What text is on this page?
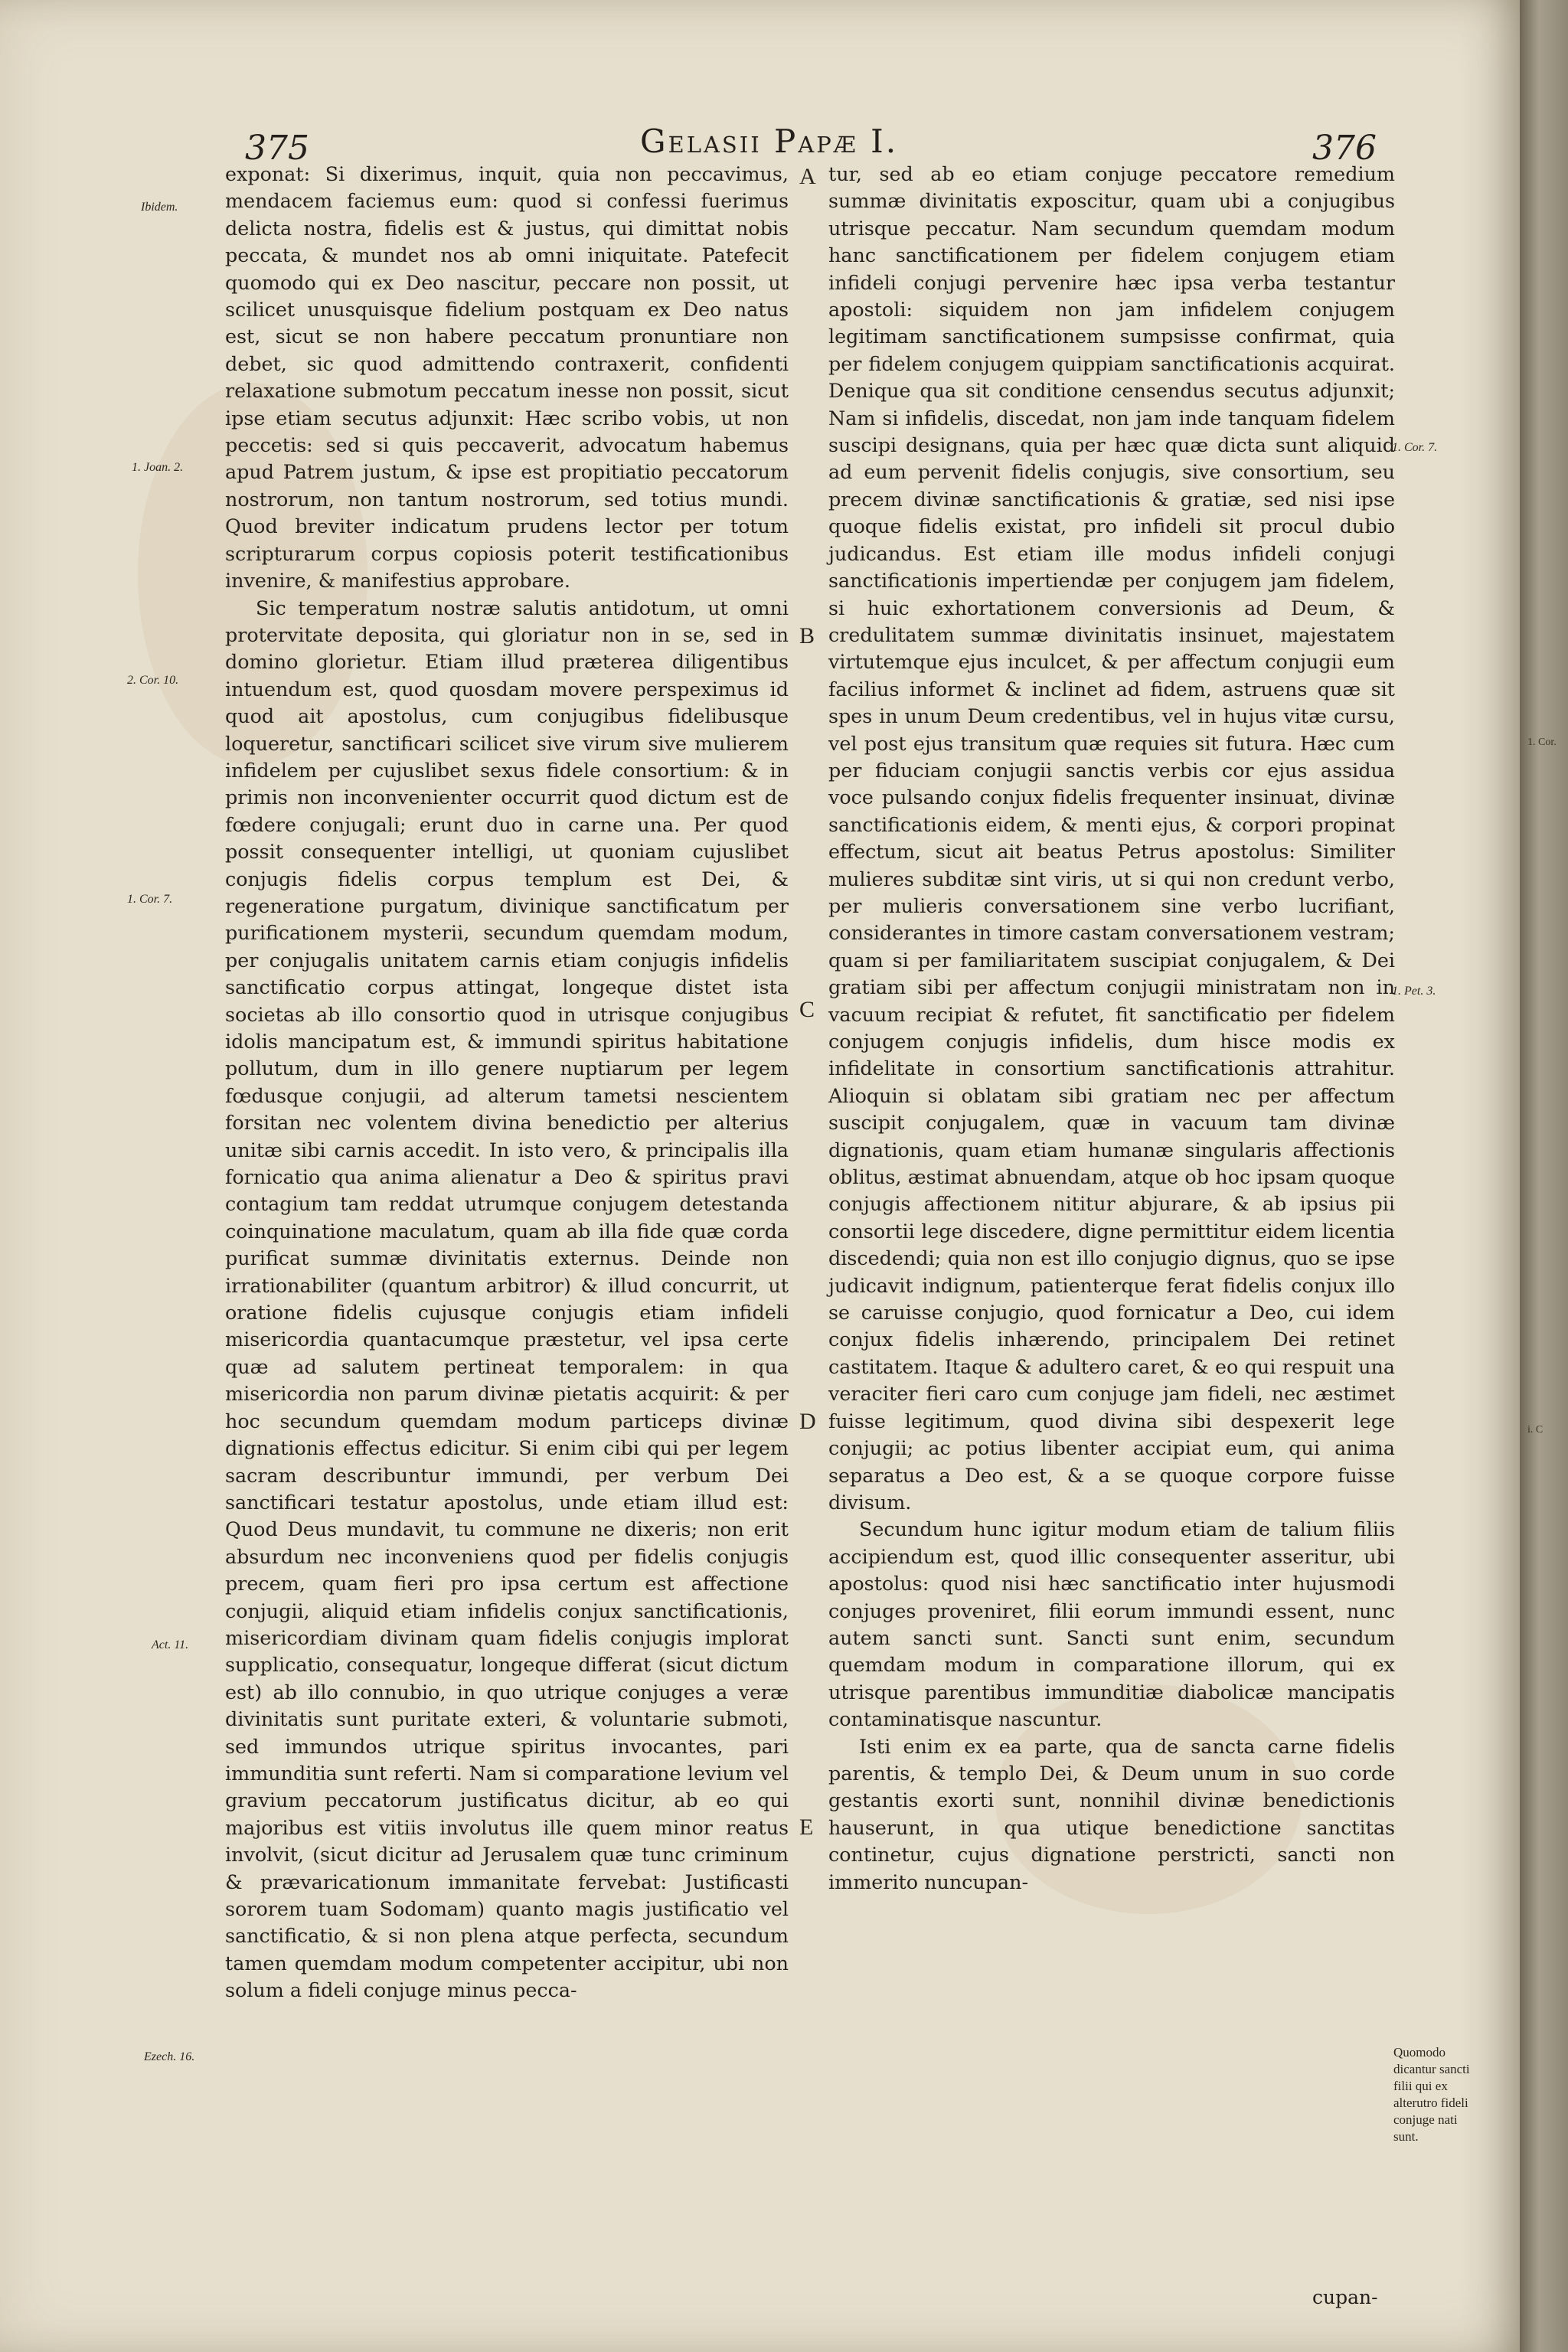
375	Gelasii Papæ I.	376
Ibidem.
1. Joan. 2.
2. Cor. 10.
1. Cor. 7.
Act. 11.
Ezech. 16.
A
B
C
D
E

exponat: Si dixerimus, inquit, quia non peccavimus, mendacem faciemus eum: quod si confessi fuerimus delicta nostra, fidelis est & justus, qui dimittat nobis peccata, & mundet nos ab omni iniquitate. Patefecit quomodo qui ex Deo nascitur, peccare non possit, ut scilicet unusquisque fidelium postquam ex Deo natus est, sicut se non habere peccatum pronuntiare non debet, sic quod admittendo contraxerit, confidenti relaxatione submotum peccatum inesse non possit, sicut ipse etiam secutus adjunxit: Hæc scribo vobis, ut non peccetis: sed si quis peccaverit, advocatum habemus apud Patrem justum, & ipse est propitiatio peccatorum nostrorum, non tantum nostrorum, sed totius mundi. Quod breviter indicatum prudens lector per totum scripturarum corpus copiosis poterit testificationibus invenire, & manifestius approbare.

Sic temperatum nostræ salutis antidotum, ut omni protervitate deposita, qui gloriatur non in se, sed in domino glorietur. Etiam illud præterea diligentibus intuendum est, quod quosdam movere perspeximus id quod ait apostolus, cum conjugibus fidelibusque loqueretur, sanctificari scilicet sive virum sive mulierem infidelem per cujuslibet sexus fidele consortium: & in primis non inconvenienter occurrit quod dictum est de fœdere conjugali; erunt duo in carne una. Per quod possit consequenter intelligi, ut quoniam cujuslibet conjugis fidelis corpus templum est Dei, & regeneratione purgatum, divinique sanctificatum per purificationem mysterii, secundum quemdam modum, per conjugalis unitatem carnis etiam conjugis infidelis sanctificatio corpus attingat, longeque distet ista societas ab illo consortio quod in utrisque conjugibus idolis mancipatum est, & immundi spiritus habitatione pollutum, dum in illo genere nuptiarum per legem fœdusque conjugii, ad alterum tametsi nescientem forsitan nec volentem divina benedictio per alterius unitæ sibi carnis accedit. In isto vero, & principalis illa fornicatio qua anima alienatur a Deo & spiritus pravi contagium tam reddat utrumque conjugem detestanda coinquinatione maculatum, quam ab illa fide quæ corda purificat summæ divinitatis externus. Deinde non irrationabiliter (quantum arbitror) & illud concurrit, ut oratione fidelis cujusque conjugis etiam infideli misericordia quantacumque præstetur, vel ipsa certe quæ ad salutem pertineat temporalem: in qua misericordia non parum divinæ pietatis acquirit: & per hoc secundum quemdam modum particeps divinæ dignationis effectus edicitur. Si enim cibi qui per legem sacram describuntur immundi, per verbum Dei sanctificari testatur apostolus, unde etiam illud est: Quod Deus mundavit, tu commune ne dixeris; non erit absurdum nec inconveniens quod per fidelis conjugis precem, quam fieri pro ipsa certum est affectione conjugii, aliquid etiam infidelis conjux sanctificationis, misericordiam divinam quam fidelis conjugis implorat supplicatio, consequatur, longeque differat (sicut dictum est) ab illo connubio, in quo utrique conjuges a veræ divinitatis sunt puritate exteri, & voluntarie submoti, sed immundos utrique spiritus invocantes, pari immunditia sunt referti. Nam si comparatione levium vel gravium peccatorum justificatus dicitur, ab eo qui majoribus est vitiis involutus ille quem minor reatus involvit, (sicut dicitur ad Jerusalem quæ tunc criminum & prævaricationum immanitate fervebat: Justificasti sororem tuam Sodomam) quanto magis justificatio vel sanctificatio, & si non plena atque perfecta, secundum tamen quemdam modum competenter accipitur, ubi non solum a fideli conjuge minus pecca-

tur, sed ab eo etiam conjuge peccatore remedium summæ divinitatis exposcitur, quam ubi a conjugibus utrisque peccatur. Nam secundum quemdam modum hanc sanctificationem per fidelem conjugem etiam infideli conjugi pervenire hæc ipsa verba testantur apostoli: siquidem non jam infidelem conjugem legitimam sanctificationem sumpsisse confirmat, quia per fidelem conjugem quippiam sanctificationis acquirat. Denique qua sit conditione censendus secutus adjunxit; Nam si infidelis, discedat, non jam inde tanquam fidelem suscipi designans, quia per hæc quæ dicta sunt aliquid ad eum pervenit fidelis conjugis, sive consortium, seu precem divinæ sanctificationis & gratiæ, sed nisi ipse quoque fidelis existat, pro infideli sit procul dubio judicandus. Est etiam ille modus infideli conjugi sanctificationis impertiendæ per conjugem jam fidelem, si huic exhortationem conversionis ad Deum, & credulitatem summæ divinitatis insinuet, majestatem virtutemque ejus inculcet, & per affectum conjugii eum facilius informet & inclinet ad fidem, astruens quæ sit spes in unum Deum credentibus, vel in hujus vitæ cursu, vel post ejus transitum quæ requies sit futura. Hæc cum per fiduciam conjugii sanctis verbis cor ejus assidua voce pulsando conjux fidelis frequenter insinuat, divinæ sanctificationis eidem, & menti ejus, & corpori propinat effectum, sicut ait beatus Petrus apostolus: Similiter mulieres subditæ sint viris, ut si qui non credunt verbo, per mulieris conversationem sine verbo lucrifiant, considerantes in timore castam conversationem vestram; quam si per familiaritatem suscipiat conjugalem, & Dei gratiam sibi per affectum conjugii ministratam non in vacuum recipiat & refutet, fit sanctificatio per fidelem conjugem conjugis infidelis, dum hisce modis ex infidelitate in consortium sanctificationis attrahitur. Alioquin si oblatam sibi gratiam nec per affectum suscipit conjugalem, quæ in vacuum tam divinæ dignationis, quam etiam humanæ singularis affectionis oblitus, æstimat abnuendam, atque ob hoc ipsam quoque conjugis affectionem nititur abjurare, & ab ipsius pii consortii lege discedere, digne permittitur eidem licentia discedendi; quia non est illo conjugio dignus, quo se ipse judicavit indignum, patienterque ferat fidelis conjux illo se caruisse conjugio, quod fornicatur a Deo, cui idem conjux fidelis inhærendo, principalem Dei retinet castitatem. Itaque & adultero caret, & eo qui respuit una veraciter fieri caro cum conjuge jam fideli, nec æstimet fuisse legitimum, quod divina sibi despexerit lege conjugii; ac potius libenter accipiat eum, qui anima separatus a Deo est, & a se quoque corpore fuisse divisum.

Secundum hunc igitur modum etiam de talium filiis accipiendum est, quod illic consequenter asseritur, ubi apostolus: quod nisi hæc sanctificatio inter hujusmodi conjuges proveniret, filii eorum immundi essent, nunc autem sancti sunt. Sancti sunt enim, secundum quemdam modum in comparatione illorum, qui ex utrisque parentibus immunditiæ diabolicæ mancipatis contaminatisque nascuntur.

Isti enim ex ea parte, qua de sancta carne fidelis parentis, & templo Dei, & Deum unum in suo corde gestantis exorti sunt, nonnihil divinæ benedictionis hauserunt, in qua utique benedictione sanctitas continetur, cujus dignatione perstricti, sancti non immerito nuncupan-

cupan-
1. Cor. 7.
1. Pet. 3.
Quomodo dicantur sancti filii qui ex alterutro fideli conjuge nati sunt.
1. Cor.
i. C
